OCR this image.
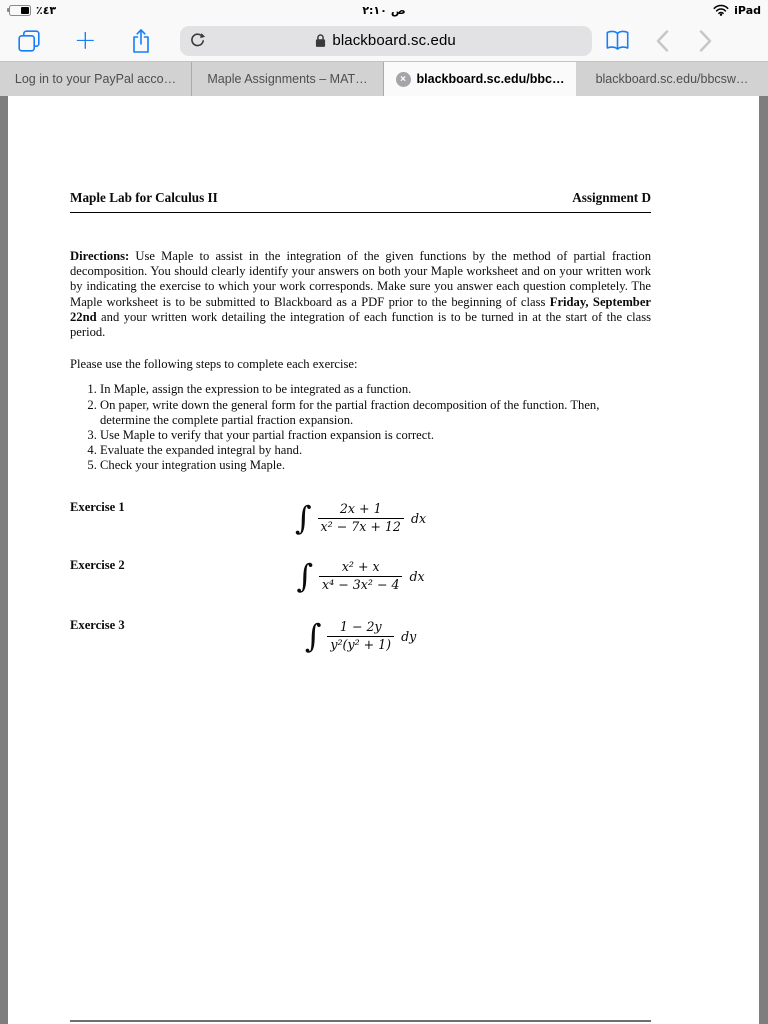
٪٤٣	٢:١٠ ص	iPad
+	blackboard.sc.edu
Log in to your PayPal acco…	Maple Assignments – MAT…	× blackboard.sc.edu/bbc… blackboard.sc.edu/bbcsw…
Maple Lab for Calculus II	Assignment D

Directions: Use Maple to assist in the integration of the given functions by the method of partial fraction decomposition. You should clearly identify your answers on both your Maple worksheet and on your written work by indicating the exercise to which your work corresponds. Make sure you answer each question completely. The Maple worksheet is to be submitted to Blackboard as a PDF prior to the beginning of class Friday, September 22nd and your written work detailing the integration of each function is to be turned in at the start of the class period.

Please use the following steps to complete each exercise:

1. In Maple, assign the expression to be integrated as a function.
2. On paper, write down the general form for the partial fraction decomposition of the function. Then, determine the complete partial fraction expansion.
3. Use Maple to verify that your partial fraction expansion is correct.
4. Evaluate the expanded integral by hand.
5. Check your integration using Maple.
Exercise 1	∫ $\frac{2x + 1}{\text{x² − 7x + 12}}$ dx
Exercise 2	∫ $\frac{\text{x² + x}}{\text{x⁴ − 3x² − 4}}$ dx
Exercise 3	∫ $\frac{1 - 2y}{\text{y²(y² + 1)}}$ dy
